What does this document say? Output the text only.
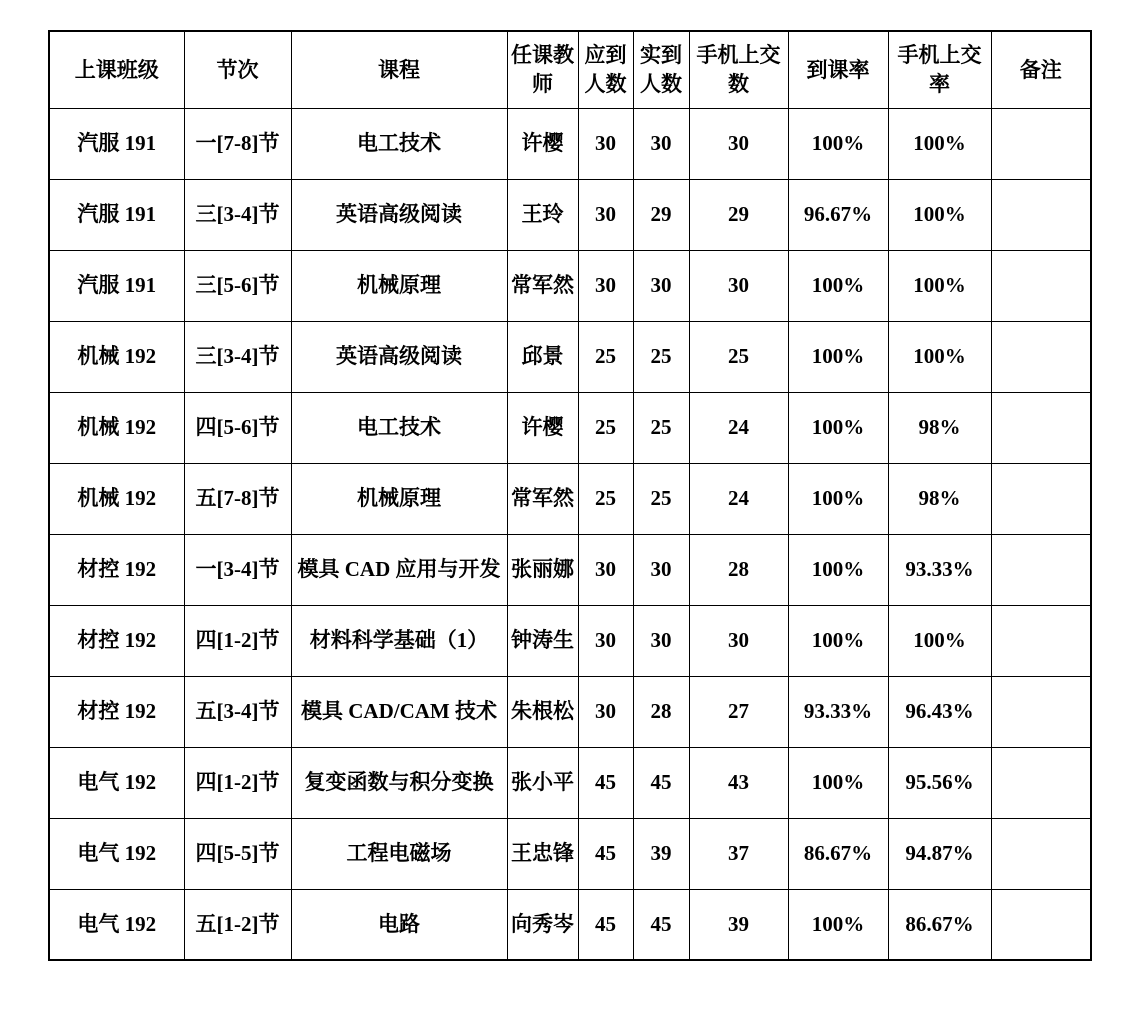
上课班级	节次	课程	任课教师	应到人数	实到人数	手机上交数	到课率	手机上交率	备注
汽服 191	一[7-8]节	电工技术	许樱	30	30	30	100%	100%	
汽服 191	三[3-4]节	英语高级阅读	王玲	30	29	29	96.67%	100%	
汽服 191	三[5-6]节	机械原理	常军然	30	30	30	100%	100%	
机械 192	三[3-4]节	英语高级阅读	邱景	25	25	25	100%	100%	
机械 192	四[5-6]节	电工技术	许樱	25	25	24	100%	98%	
机械 192	五[7-8]节	机械原理	常军然	25	25	24	100%	98%	
材控 192	一[3-4]节	模具 CAD 应用与开发	张丽娜	30	30	28	100%	93.33%	
材控 192	四[1-2]节	材料科学基础（1）	钟涛生	30	30	30	100%	100%	
材控 192	五[3-4]节	模具 CAD/CAM 技术	朱根松	30	28	27	93.33%	96.43%	
电气 192	四[1-2]节	复变函数与积分变换	张小平	45	45	43	100%	95.56%	
电气 192	四[5-5]节	工程电磁场	王忠锋	45	39	37	86.67%	94.87%	
电气 192	五[1-2]节	电路	向秀岑	45	45	39	100%	86.67%	
